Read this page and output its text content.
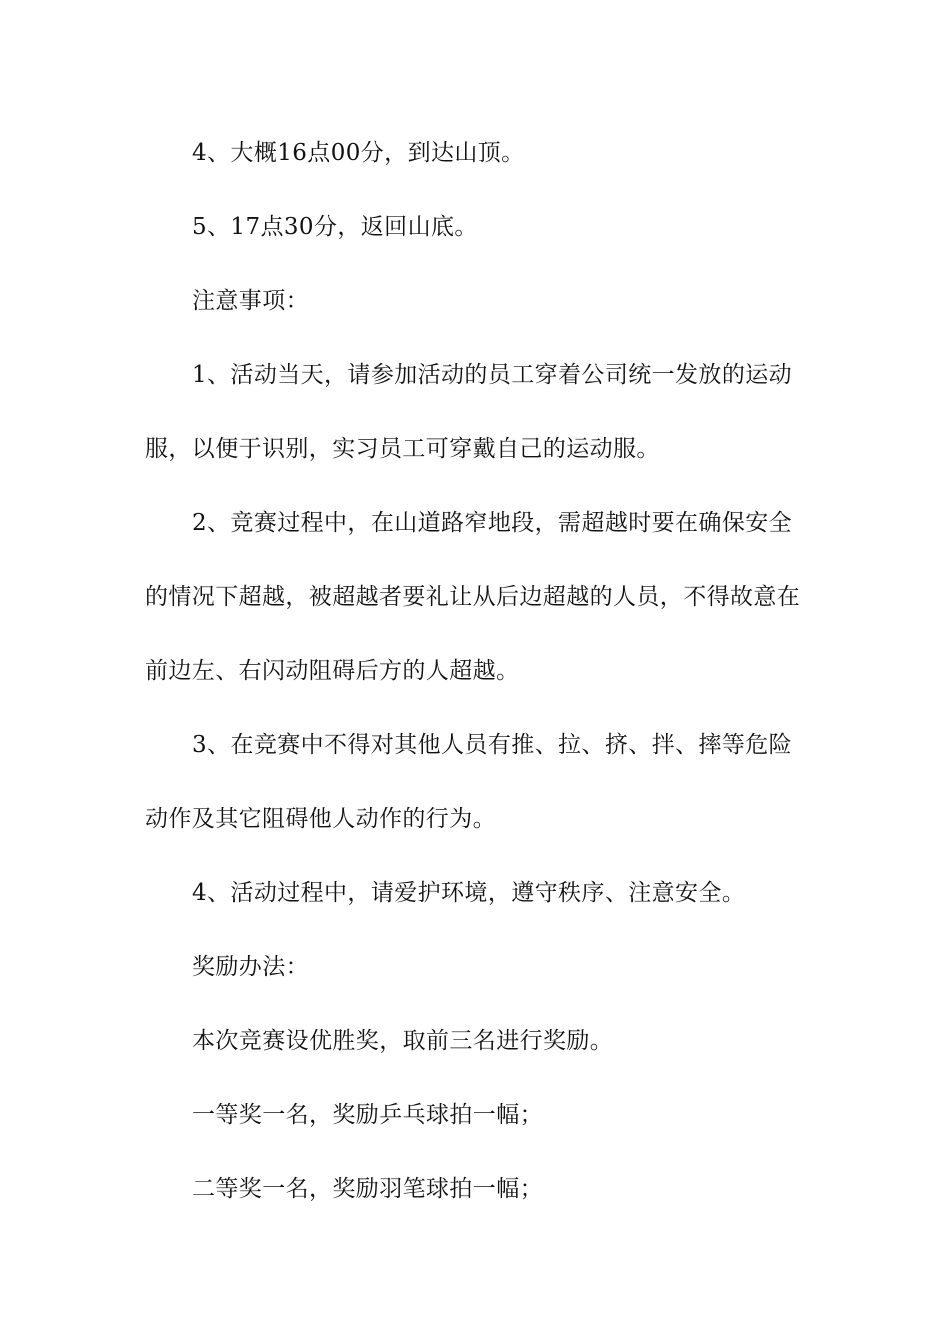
4、大概16点00分，到达山顶。

5、17点30分，返回山底。

注意事项：

1、活动当天，请参加活动的员工穿着公司统一发放的运动服，以便于识别，实习员工可穿戴自己的运动服。

2、竞赛过程中，在山道路窄地段，需超越时要在确保安全的情况下超越，被超越者要礼让从后边超越的人员，不得故意在前边左、右闪动阻碍后方的人超越。

3、在竞赛中不得对其他人员有推、拉、挤、拌、摔等危险动作及其它阻碍他人动作的行为。

4、活动过程中，请爱护环境，遵守秩序、注意安全。

奖励办法：

本次竞赛设优胜奖，取前三名进行奖励。

一等奖一名，奖励乒乓球拍一幅；

二等奖一名，奖励羽笔球拍一幅；
